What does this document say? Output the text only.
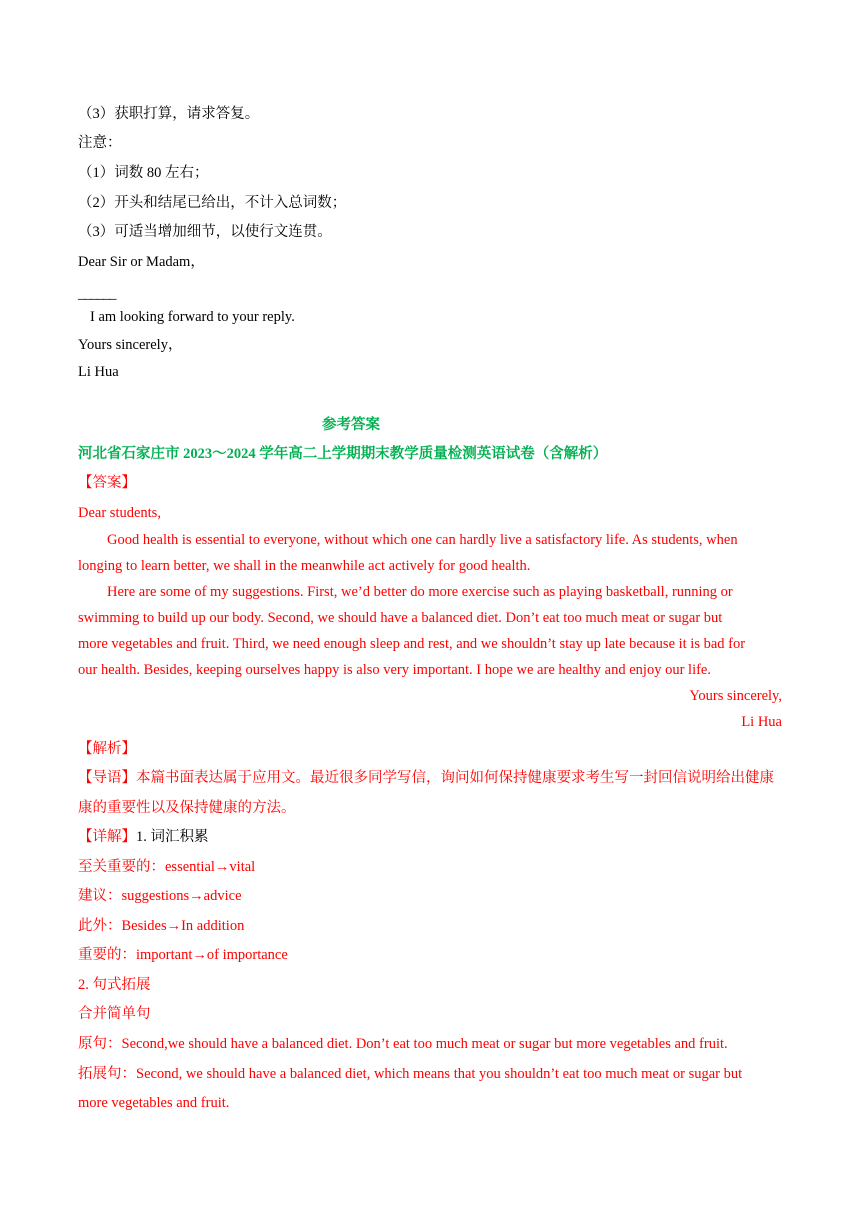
（3）获职打算，请求答复。
注意：
（1）词数 80 左右；
（2）开头和结尾已给出，不计入总词数；
（3）可适当增加细节，以使行文连贯。
Dear Sir or Madam，
______
I am looking forward to your reply.
Yours sincerely，
Li Hua
参考答案
河北省石家庄市 2023～2024 学年高二上学期期末教学质量检测英语试卷（含解析）
【答案】
Dear students,
Good health is essential to everyone, without which one can hardly live a satisfactory life. As students, when
longing to learn better, we shall in the meanwhile act actively for good health.
Here are some of my suggestions. First, we’d better do more exercise such as playing basketball, running or
swimming to build up our body. Second, we should have a balanced diet. Don’t eat too much meat or sugar but
more vegetables and fruit. Third, we need enough sleep and rest, and we shouldn’t stay up late because it is bad for
our health. Besides, keeping ourselves happy is also very important. I hope we are healthy and enjoy our life.
Yours sincerely,
Li Hua
【解析】
【导语】本篇书面表达属于应用文。最近很多同学写信，询问如何保持健康要求考生写一封回信说明给出健康
康的重要性以及保持健康的方法。
【详解】1. 词汇积累
至关重要的：essential→vital
建议：suggestions→advice
此外：Besides→In addition
重要的：important→of importance
2. 句式拓展
合并简单句
原句：Second,we should have a balanced diet. Don’t eat too much meat or sugar but more vegetables and fruit.
拓展句：Second, we should have a balanced diet, which means that you shouldn’t eat too much meat or sugar but
more vegetables and fruit.
